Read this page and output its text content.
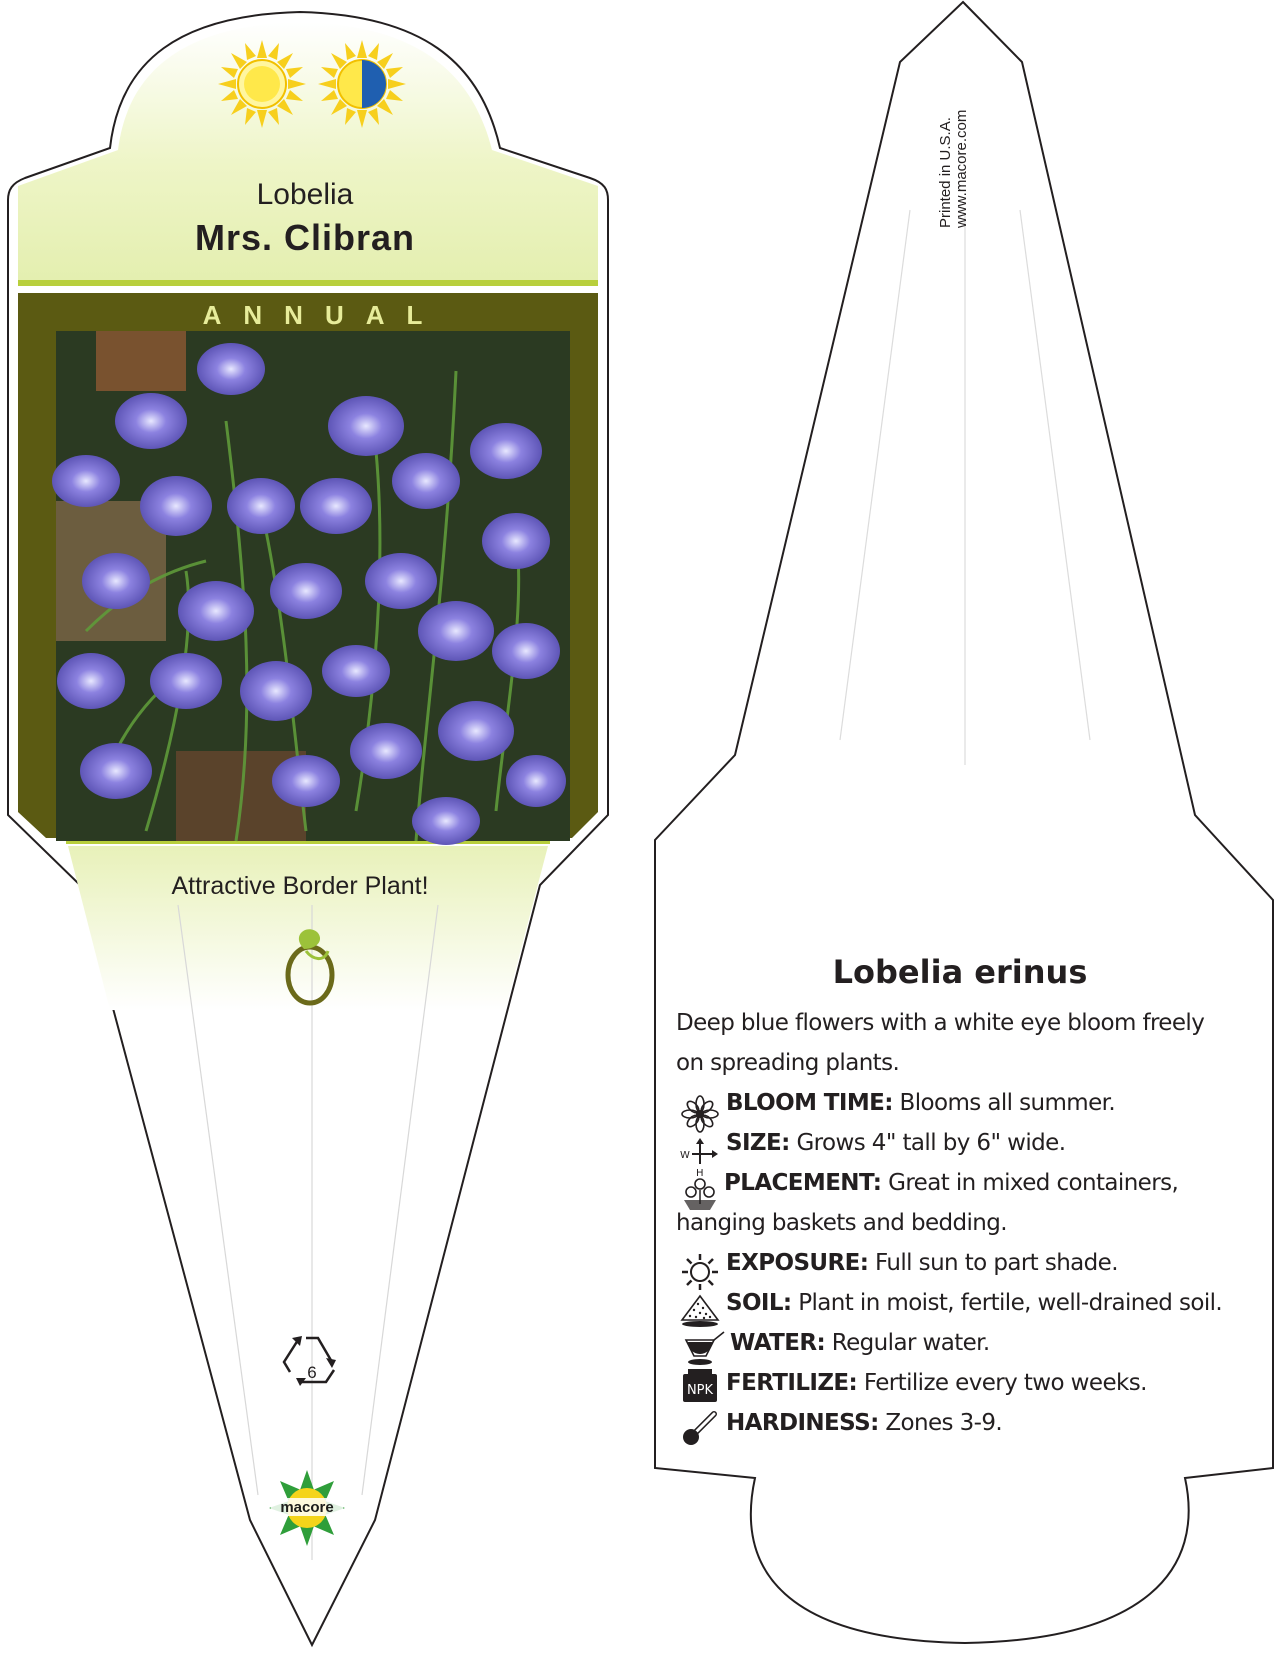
W
H
NPK
Lobelia
Mrs. Clibran
ANNUAL
Attractive Border Plant!
6
macore
Printed in U.S.A. www.macore.com
Lobelia erinus

Deep blue flowers with a white eye bloom freely on spreading plants.

BLOOM TIME: Blooms all summer.
SIZE: Grows 4" tall by 6" wide.
PLACEMENT: Great in mixed containers, hanging baskets and bedding.
EXPOSURE: Full sun to part shade.
SOIL: Plant in moist, fertile, well-drained soil.
WATER: Regular water.
FERTILIZE: Fertilize every two weeks.
HARDINESS: Zones 3-9.
